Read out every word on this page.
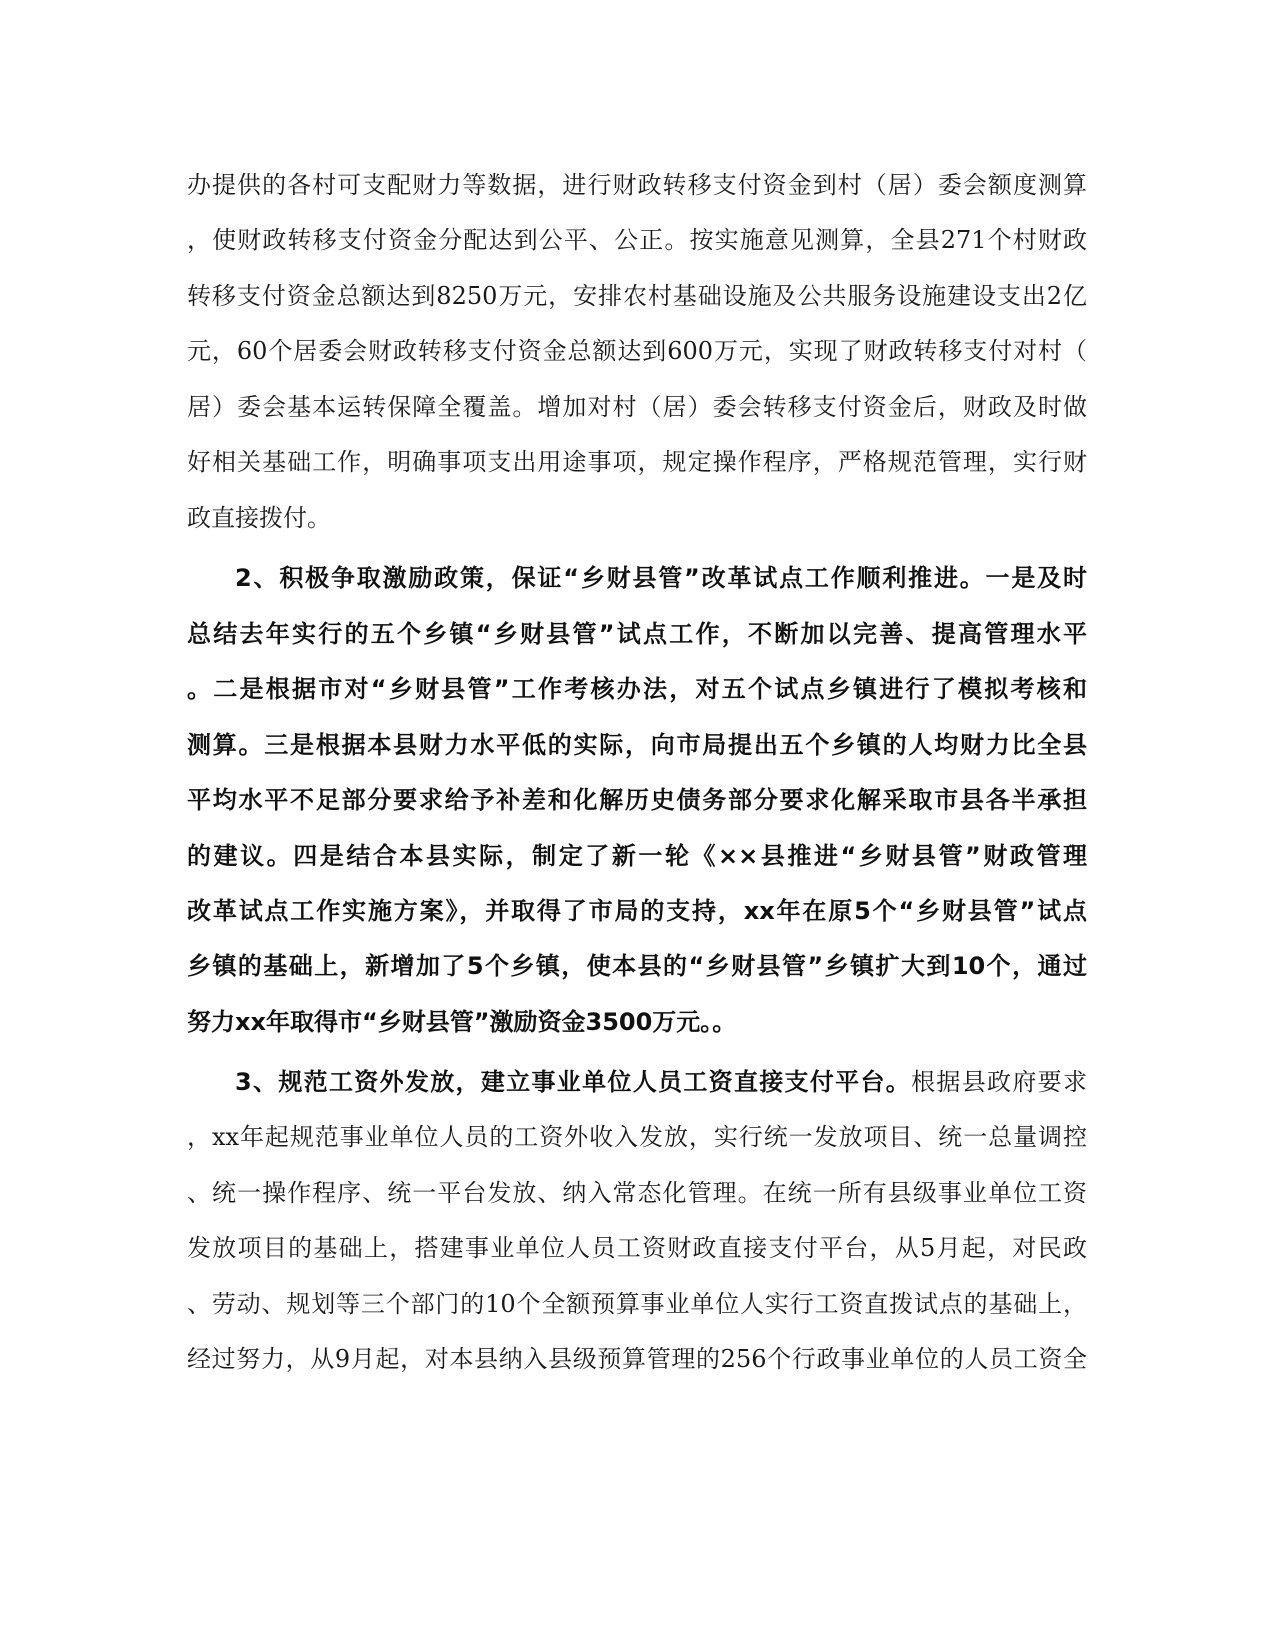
办提供的各村可支配财力等数据，进行财政转移支付资金到村（居）委会额度测算
，使财政转移支付资金分配达到公平、公正。按实施意见测算，全县271个村财政
转移支付资金总额达到8250万元，安排农村基础设施及公共服务设施建设支出2亿
元，60个居委会财政转移支付资金总额达到600万元，实现了财政转移支付对村（
居）委会基本运转保障全覆盖。增加对村（居）委会转移支付资金后，财政及时做
好相关基础工作，明确事项支出用途事项，规定操作程序，严格规范管理，实行财
政直接拨付。
2、积极争取激励政策，保证“乡财县管”改革试点工作顺利推进。一是及时
总结去年实行的五个乡镇“乡财县管”试点工作，不断加以完善、提高管理水平
。二是根据市对“乡财县管”工作考核办法，对五个试点乡镇进行了模拟考核和
测算。三是根据本县财力水平低的实际，向市局提出五个乡镇的人均财力比全县
平均水平不足部分要求给予补差和化解历史债务部分要求化解采取市县各半承担
的建议。四是结合本县实际，制定了新一轮《××县推进“乡财县管”财政管理
改革试点工作实施方案》，并取得了市局的支持，xx年在原5个“乡财县管”试点
乡镇的基础上，新增加了5个乡镇，使本县的“乡财县管”乡镇扩大到10个，通过
努力xx年取得市“乡财县管”激励资金3500万元。。
3、规范工资外发放，建立事业单位人员工资直接支付平台。根据县政府要求
，xx年起规范事业单位人员的工资外收入发放，实行统一发放项目、统一总量调控
、统一操作程序、统一平台发放、纳入常态化管理。在统一所有县级事业单位工资
发放项目的基础上，搭建事业单位人员工资财政直接支付平台，从5月起，对民政
、劳动、规划等三个部门的10个全额预算事业单位人实行工资直拨试点的基础上，
经过努力，从9月起，对本县纳入县级预算管理的256个行政事业单位的人员工资全
